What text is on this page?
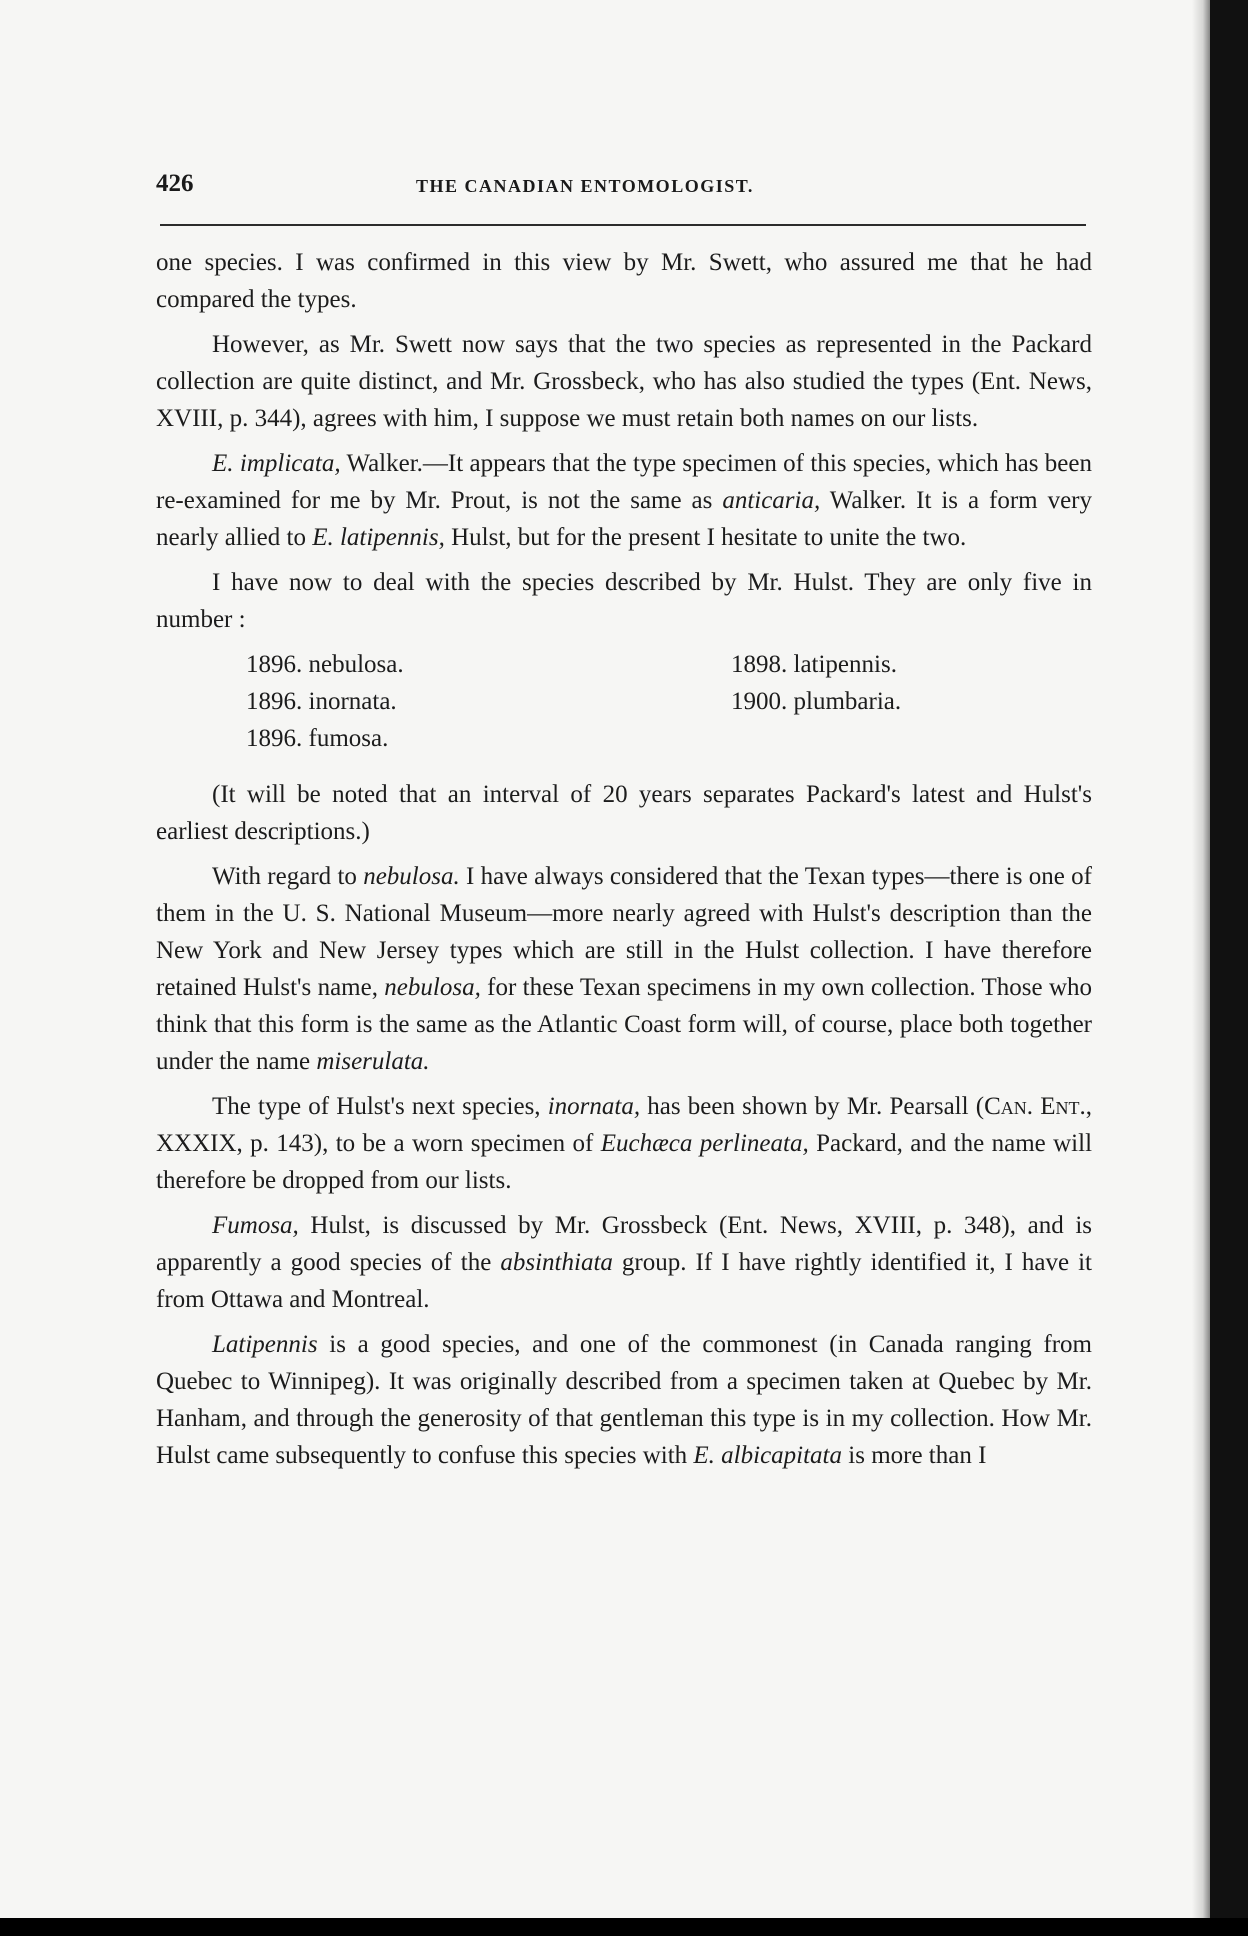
426	THE CANADIAN ENTOMOLOGIST.

one species. I was confirmed in this view by Mr. Swett, who assured me that he had compared the types.

However, as Mr. Swett now says that the two species as represented in the Packard collection are quite distinct, and Mr. Grossbeck, who has also studied the types (Ent. News, XVIII, p. 344), agrees with him, I suppose we must retain both names on our lists.

E. implicata, Walker.—It appears that the type specimen of this species, which has been re-examined for me by Mr. Prout, is not the same as anticaria, Walker. It is a form very nearly allied to E. latipennis, Hulst, but for the present I hesitate to unite the two.

I have now to deal with the species described by Mr. Hulst. They are only five in number :

1896. nebulosa.
1896. inornata.
1896. fumosa.
1898. latipennis.
1900. plumbaria.

(It will be noted that an interval of 20 years separates Packard's latest and Hulst's earliest descriptions.)

With regard to nebulosa. I have always considered that the Texan types—there is one of them in the U. S. National Museum—more nearly agreed with Hulst's description than the New York and New Jersey types which are still in the Hulst collection. I have therefore retained Hulst's name, nebulosa, for these Texan specimens in my own collection. Those who think that this form is the same as the Atlantic Coast form will, of course, place both together under the name miserulata.

The type of Hulst's next species, inornata, has been shown by Mr. Pearsall (Can. Ent., XXXIX, p. 143), to be a worn specimen of Euchæca perlineata, Packard, and the name will therefore be dropped from our lists.

Fumosa, Hulst, is discussed by Mr. Grossbeck (Ent. News, XVIII, p. 348), and is apparently a good species of the absinthiata group. If I have rightly identified it, I have it from Ottawa and Montreal.

Latipennis is a good species, and one of the commonest (in Canada ranging from Quebec to Winnipeg). It was originally described from a specimen taken at Quebec by Mr. Hanham, and through the generosity of that gentleman this type is in my collection. How Mr. Hulst came subsequently to confuse this species with E. albicapitata is more than I
